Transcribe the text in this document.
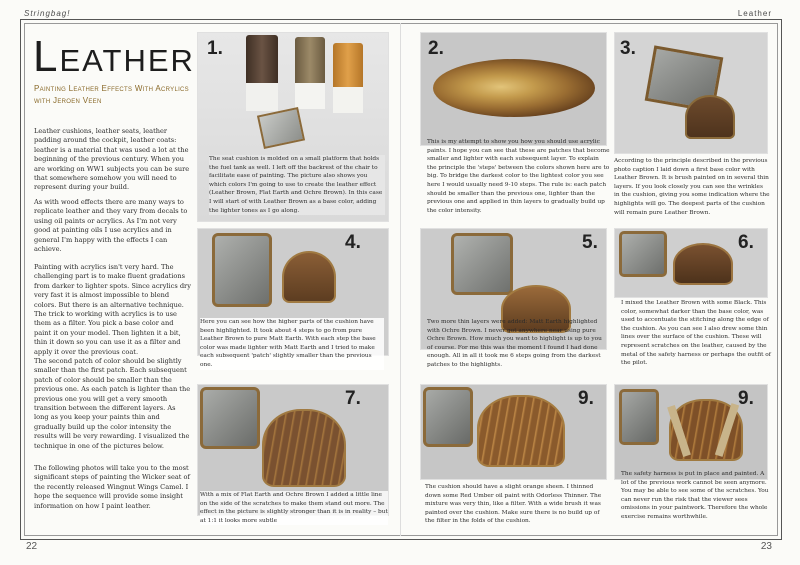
Stringbag!	Leather
22	23
Leather
Painting Leather Effects With Acrylics with Jeroen Veen

Leather cushions, leather seats, leather padding around the cockpit, leather coats: leather is a material that was used a lot at the beginning of the previous century. When you are working on WW1 subjects you can be sure that somewhere somehow you will need to represent during your build.

As with wood effects there are many ways to replicate leather and they vary from decals to using oil paints or acrylics. As I'm not very good at painting oils I use acrylics and in general I'm happy with the effects I can achieve.

Painting with acrylics isn't very hard. The challenging part is to make fluent gradations from darker to lighter spots. Since acrylics dry very fast it is almost impossible to blend colors. But there is an alternative technique. The trick to working with acrylics is to use them as a filter. You pick a base color and paint it on your model. Then lighten it a bit, thin it down so you can use it as a filter and apply it over the previous coat.

The second patch of color should be slightly smaller than the first patch. Each subsequent patch of color should be smaller than the previous one. As each patch is lighter than the previous one you will get a very smooth transition between the different layers. As long as you keep your paints thin and gradually build up the color intensity the results will be very rewarding. I visualized the technique in one of the pictures below.

The following photos will take you to the most significant steps of painting the Wicker seat of the recently released Wingnut Wings Camel. I hope the sequence will provide some insight information on how I paint leather.

1.
The seat cushion is molded on a small platform that holds the fuel tank as well. I left off the backrest of the chair to facilitate ease of painting. The picture also shows you which colors I'm going to use to create the leather effect (Leather Brown, Flat Earth and Ochre Brown). In this case I will start of with Leather Brown as a base color, adding the lighter tones as I go along.
2.
This is my attempt to show you how you should use acrylic paints. I hope you can see that these are patches that become smaller and lighter with each subsequent layer. To explain the principle the 'steps' between the colors shown here are to big. To bridge the darkest color to the lightest color you see here I would usually need 9-10 steps. The rule is: each patch should be smaller than the previous one, lighter than the previous one and applied in thin layers to gradually build up the color intensity.
3.
According to the principle described in the previous photo caption I laid down a first base color with Leather Brown. It is brush painted on in several thin layers. If you look closely you can see the wrinkles in the cushion, giving you some indication where the highlights will go. The deepest parts of the cushion will remain pure Leather Brown.
4.
Here you can see how the higher parts of the cushion have been highlighted. It took about 4 steps to go from pure Leather Brown to pure Matt Earth. With each step the base color was made lighter with Matt Earth and I tried to make each subsequent 'patch' slightly smaller than the previous one.
5.
Two more thin layers were added: Matt Earth highlighted with Ochre Brown. I never got anywhere near using pure Ochre Brown. How much you want to highlight is up to you of course. For me this was the moment I found I had done enough. All in all it took me 6 steps going from the darkest patches to the highlights.
6.
I mixed the Leather Brown with some Black. This color, somewhat darker than the base color, was used to accentuate the stitching along the edge of the cushion. As you can see I also drew some thin lines over the surface of the cushion. These will represent scratches on the leather, caused by the metal of the safety harness or perhaps the outfit of the pilot.
7.
With a mix of Flat Earth and Ochre Brown I added a little line on the side of the scratches to make them stand out more. The effect in the picture is slightly stronger than it is in reality – but at 1:1 it looks more subtle
9.
The cushion should have a slight orange sheen. I thinned down some Red Umber oil paint with Odorless Thinner. The mixture was very thin, like a filter. With a wide brush it was painted over the cushion. Make sure there is no build up of the filter in the folds of the cushion.
9.
The safety harness is put in place and painted. A lot of the previous work cannot be seen anymore. You may be able to see some of the scratches. You can never run the risk that the viewer sees omissions in your paintwork. Therefore the whole exercise remains worthwhile.
